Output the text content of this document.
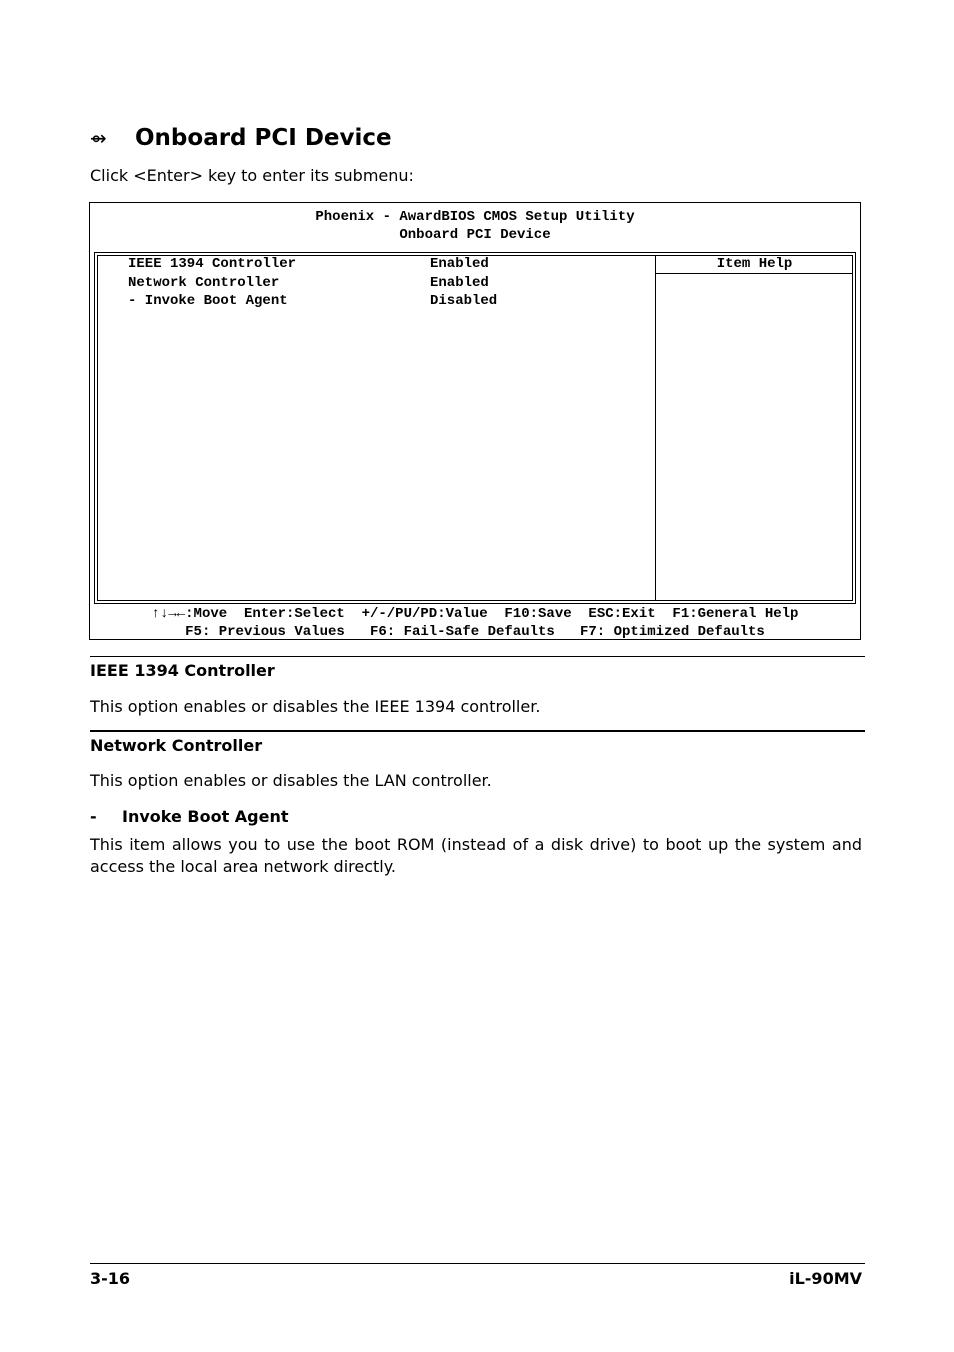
⇴ Onboard PCI Device
Click <Enter> key to enter its submenu:
Phoenix - AwardBIOS CMOS Setup Utility
Onboard PCI Device
Item Help
IEEE 1394 Controller	Enabled
Network Controller	Enabled
- Invoke Boot Agent	Disabled
↑↓→←:Move  Enter:Select  +/-/PU/PD:Value  F10:Save  ESC:Exit  F1:General Help
F5: Previous Values   F6: Fail-Safe Defaults   F7: Optimized Defaults
IEEE 1394 Controller
This option enables or disables the IEEE 1394 controller.
Network Controller
This option enables or disables the LAN controller.
- Invoke Boot Agent
This item allows you to use the boot ROM (instead of a disk drive) to boot up the system and access the local area network directly.
3-16	iL-90MV
